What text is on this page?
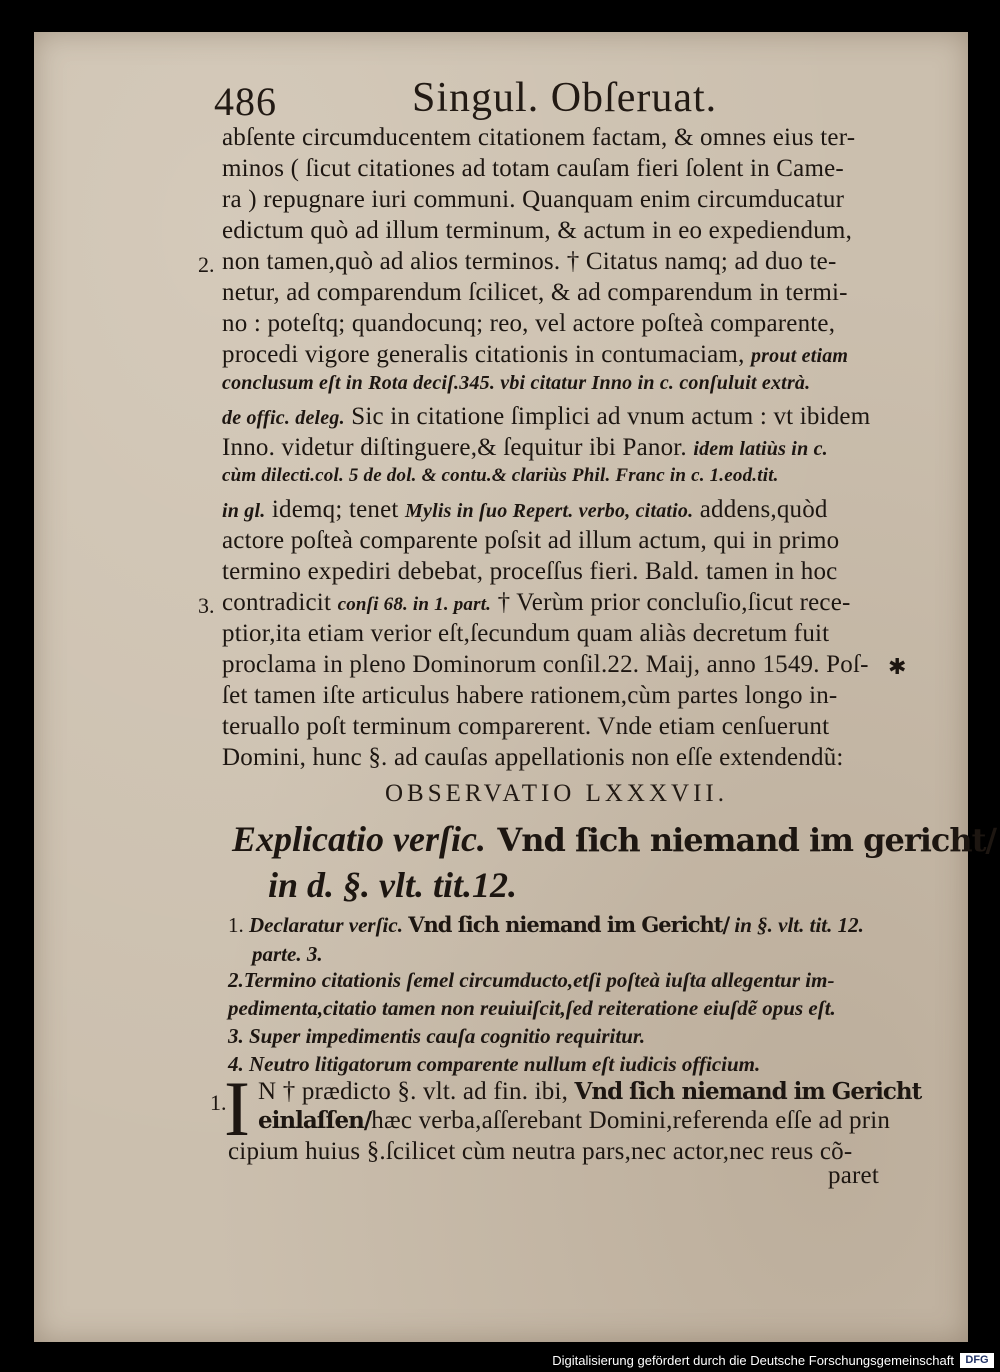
486	Singul. Obſeruat.
abſente circumducentem citationem factam, & omnes eius ter-
minos ( ſicut citationes ad totam cauſam fieri ſolent in Came-
ra ) repugnare iuri communi. Quanquam enim circumducatur
edictum quò ad illum terminum, & actum in eo expediendum,
2. non tamen,quò ad alios terminos. † Citatus namq; ad duo te-
netur, ad comparendum ſcilicet, & ad comparendum in termi-
no : poteſtq; quandocunq; reo, vel actore poſteà comparente,
procedi vigore generalis citationis in contumaciam, prout etiam
conclusum eſt in Rota deciſ.345. vbi citatur Inno in c. conſuluit extrà.
de offic. deleg. Sic in citatione ſimplici ad vnum actum : vt ibidem
Inno. videtur diſtinguere,& ſequitur ibi Panor. idem latiùs in c.
cùm dilecti.col. 5 de dol. & contu.& clariùs Phil. Franc in c. 1.eod.tit.
in gl. idemq; tenet Mylis in ſuo Repert. verbo, citatio. addens,quòd
actore poſteà comparente poſsit ad illum actum, qui in primo
termino expediri debebat, proceſſus fieri. Bald. tamen in hoc
3. contradicit conſi 68. in 1. part. † Verùm prior concluſio,ſicut rece-
ptior,ita etiam verior eſt,ſecundum quam aliàs decretum fuit
proclama in pleno Dominorum conſil.22. Maij, anno 1549. Poſ- ✱
ſet tamen iſte articulus habere rationem,cùm partes longo in-
teruallo poſt terminum comparerent. Vnde etiam cenſuerunt
Domini, hunc §. ad cauſas appellationis non eſſe extendendũ:
OBSERVATIO LXXXVII.
Explicatio verſic. Vnd ſich niemand im gericht/
in d. §. vlt. tit.12.
1. Declaratur verſic. Vnd ſich niemand im Gericht/ in §. vlt. tit. 12.
parte. 3.
2.Termino citationis ſemel circumducto,etſi poſteà iuſta allegentur im-
pedimenta,citatio tamen non reuiuiſcit,ſed reiteratione eiuſdẽ opus eſt.
3. Super impedimentis cauſa cognitio requiritur.
4. Neutro litigatorum comparente nullum eſt iudicis officium.
1.
I N † prædicto §. vlt. ad fin. ibi, Vnd ſich niemand im Gericht
einlaſſen/hæc verba,aſſerebant Domini,referenda eſſe ad prin
cipium huius §.ſcilicet cùm neutra pars,nec actor,nec reus cõ-
paret
Digitalisierung gefördert durch die Deutsche Forschungsgemeinschaft	DFG
